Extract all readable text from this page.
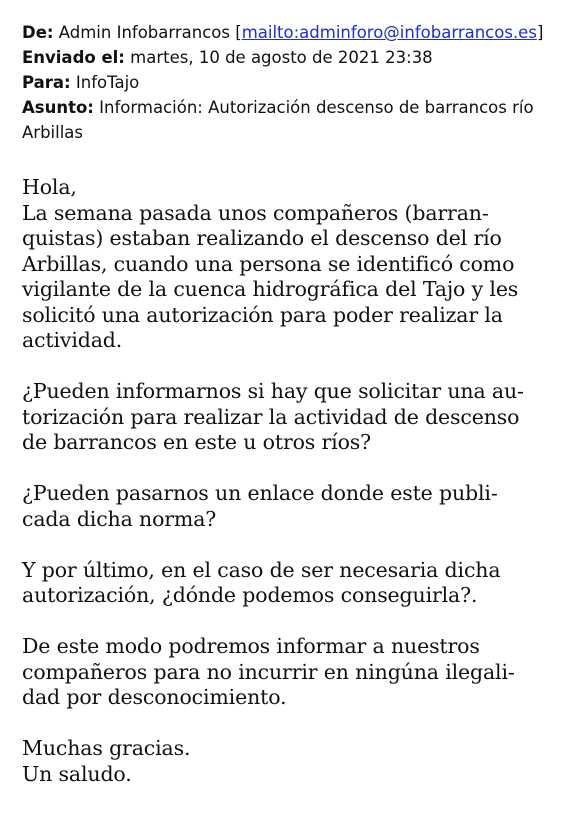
De: Admin Infobarrancos [mailto:adminforo@infobarrancos.es]
Enviado el: martes, 10 de agosto de 2021 23:38
Para: InfoTajo
Asunto: Información: Autorización descenso de barrancos río Arbillas

Hola,
La semana pasada unos compañeros (barran-
quistas) estaban realizando el descenso del río
Arbillas, cuando una persona se identificó como
vigilante de la cuenca hidrográfica del Tajo y les
solicitó una autorización para poder realizar la
actividad.

¿Pueden informarnos si hay que solicitar una au-
torización para realizar la actividad de descenso
de barrancos en este u otros ríos?

¿Pueden pasarnos un enlace donde este publi-
cada dicha norma?

Y por último, en el caso de ser necesaria dicha
autorización, ¿dónde podemos conseguirla?.

De este modo podremos informar a nuestros
compañeros para no incurrir en ningúna ilegali-
dad por desconocimiento.

Muchas gracias.
Un saludo.
